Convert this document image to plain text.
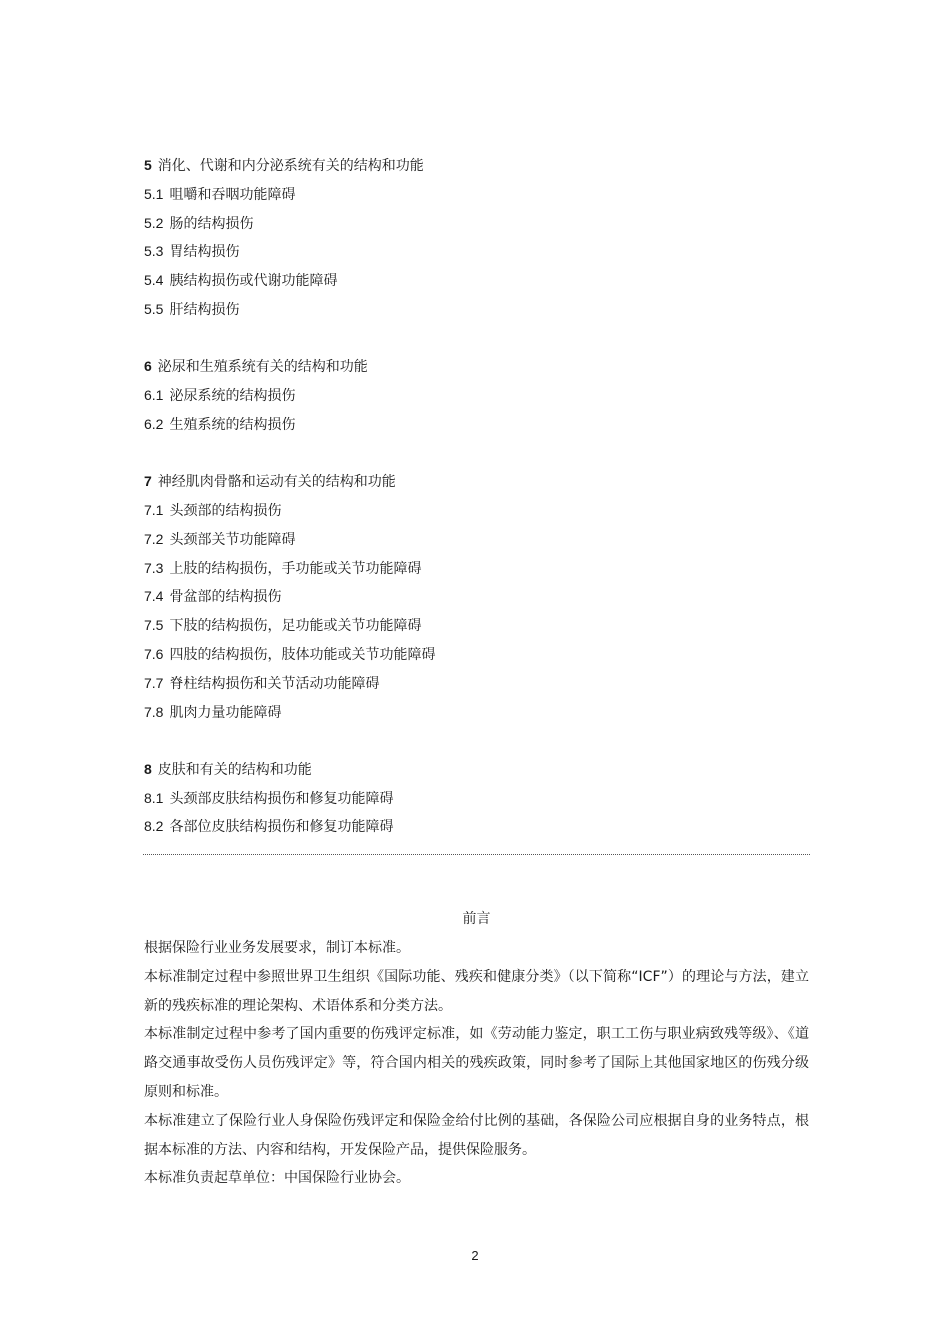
5 消化、代谢和内分泌系统有关的结构和功能
5.1 咀嚼和吞咽功能障碍
5.2 肠的结构损伤
5.3 胃结构损伤
5.4 胰结构损伤或代谢功能障碍
5.5 肝结构损伤
6 泌尿和生殖系统有关的结构和功能
6.1 泌尿系统的结构损伤
6.2 生殖系统的结构损伤
7 神经肌肉骨骼和运动有关的结构和功能
7.1 头颈部的结构损伤
7.2 头颈部关节功能障碍
7.3 上肢的结构损伤，手功能或关节功能障碍
7.4 骨盆部的结构损伤
7.5 下肢的结构损伤，足功能或关节功能障碍
7.6 四肢的结构损伤，肢体功能或关节功能障碍
7.7 脊柱结构损伤和关节活动功能障碍
7.8 肌肉力量功能障碍
8 皮肤和有关的结构和功能
8.1 头颈部皮肤结构损伤和修复功能障碍
8.2 各部位皮肤结构损伤和修复功能障碍
前言

根据保险行业业务发展要求，制订本标准。

本标准制定过程中参照世界卫生组织《国际功能、残疾和健康分类》（以下简称“ICF”）的理论与方法，建立新的残疾标准的理论架构、术语体系和分类方法。

本标准制定过程中参考了国内重要的伤残评定标准，如《劳动能力鉴定，职工工伤与职业病致残等级》、《道路交通事故受伤人员伤残评定》等，符合国内相关的残疾政策，同时参考了国际上其他国家地区的伤残分级原则和标准。

本标准建立了保险行业人身保险伤残评定和保险金给付比例的基础，各保险公司应根据自身的业务特点，根据本标准的方法、内容和结构，开发保险产品，提供保险服务。

本标准负责起草单位：中国保险行业协会。

2
